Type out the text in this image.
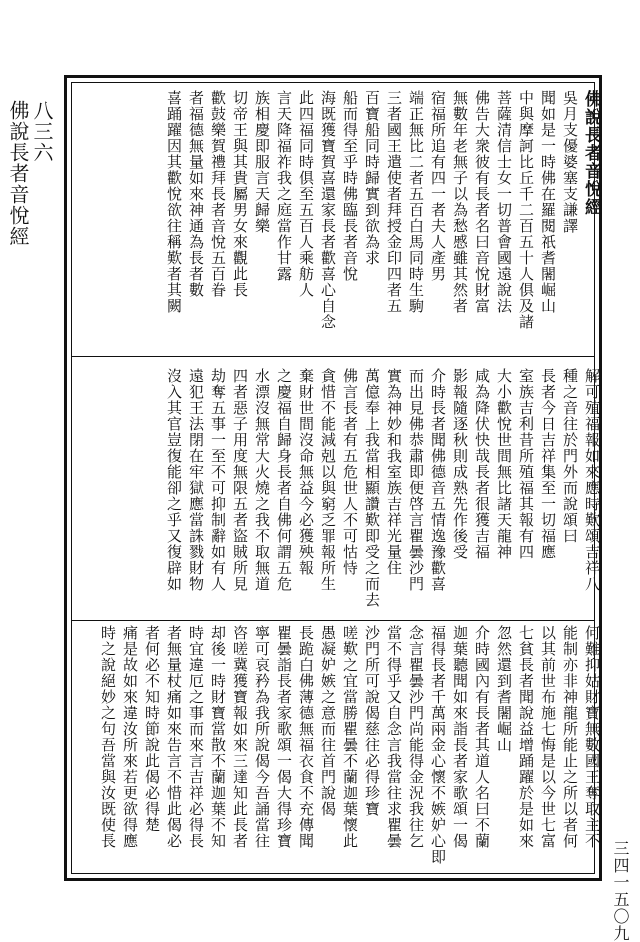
八三六
佛說長者音悅經
三四一五〇九
佛說長者音悅經
吳月支優婆塞支謙譯
聞如是一時佛在羅閱祇耆闍崛山
中與摩訶比丘千二百五十人俱及諸
菩薩清信士女一切普會國遠說法
佛告大衆彼有長者名曰音悅財富
無數年老無子以為愁慼雖其然者
宿福所追有四一者夫人產男
端正無比二者五百白馬同時生駒
三者國王遣使者拜授金印四者五
百寶船同時歸實到欲為求
船而得至乎時佛臨長者音悅
海既獲寶賀喜還家長者歡喜心自念
此四福同時俱至五百人乘舫人
言天降福祚我之庭當作甘露
族相慶即服言天歸樂
切帝王與其貴屬男女來觀此長
歡鼓樂賀禮拜長者音悅五百眷
者福德無量如來神通為長者數
喜踊躍因其歡悅欲往稱歎者其闕
解可殖福報如來應時歎頌吉祥八
種之音往於門外而說頌曰
長者今日吉祥集至一切福應
室族吉利昔所殖福其報有四
大小歡悅世間無比諸天龍神
咸為降伏快哉長者很獲吉福
影報隨逐秋則成熟先作後受
介時長者聞佛德音五情逸豫歡喜
而出見佛恭肅即便啓言瞿曇沙門
實為神妙和我室族吉祥光量住
萬億奉上我當相顯讚歎即受之而去
佛言長者有五危世人不可怙恃
貪惜不能減剋以與窮乏罪報所生
棄財世間沒命無益今必獲殃報
之慶福自歸身長者自佛何謂五危
水漂沒無常大火燒之我不取無道
四者惡子用度無限五者盜賊所見
劫奪五事一至不可抑制辭如有人
遠犯王法閉在牢獄應當誅戮財物
沒入其官豈復能卻之乎又復辟如
何難抑姑財寶無數國王奪取主不
能制亦非神龍所能止之所以者何
以其前世布施七悔是以今世七富
七貧長者聞說益增踊躍於是如來
忽然還到耆闍崛山
介時國內有長者其道人名曰不蘭
迦葉聽聞如來詣長者家歌頌一偈
福得長者千萬兩金心懷不嫉妒心即
念言瞿曇沙門尚能得金況我往乞
當不得乎又自念言我當往求瞿曇
沙門所可說偈慈往必得珍寶
嗟歎之宜當勝瞿曇不蘭迦葉懷此
愚凝妒嫉之意而往首門說偈
長跪白佛薄德無福衣食不充傳聞
瞿曇詣長者家歌頌一偈大得珍寶
寧可哀矜為我所說偈今吾誦當往
咨嗟冀獲寶報如來三達知此長者
却後一時財寶當散不蘭迦葉不知
時宜違厄之事而來言吉祥必得長
者無量杖痛如來告言不惜此偈必
者何必不知時節說此偈必得楚
痛是故如來違汝所來若更欲得應
時之說絕妙之句吾當與汝既使長
